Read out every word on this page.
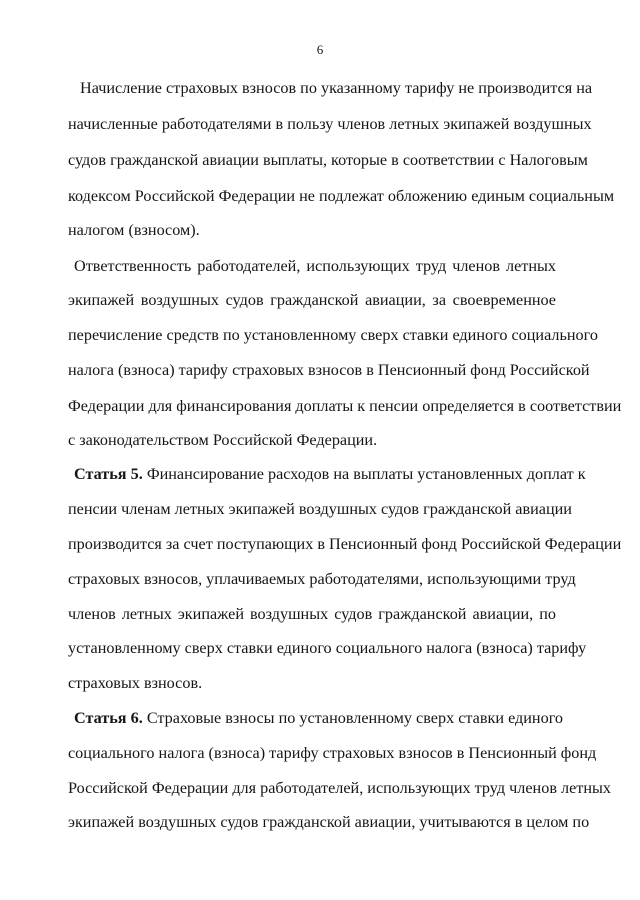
6
Начисление страховых взносов по указанному тарифу не производится на
начисленные работодателями в пользу членов летных экипажей воздушных
судов гражданской авиации выплаты, которые в соответствии с Налоговым
кодексом Российской Федерации не подлежат обложению единым социальным
налогом (взносом).
Ответственность работодателей, использующих труд членов летных
экипажей воздушных судов гражданской авиации, за своевременное
перечисление средств по установленному сверх ставки единого социального
налога (взноса) тарифу страховых взносов в Пенсионный фонд Российской
Федерации для финансирования доплаты к пенсии определяется в соответствии
с законодательством Российской Федерации.
Статья 5. Финансирование расходов на выплаты установленных доплат к
пенсии членам летных экипажей воздушных судов гражданской авиации
производится за счет поступающих в Пенсионный фонд Российской Федерации
страховых взносов, уплачиваемых работодателями, использующими труд
членов летных экипажей воздушных судов гражданской авиации, по
установленному сверх ставки единого социального налога (взноса) тарифу
страховых взносов.
Статья 6. Страховые взносы по установленному сверх ставки единого
социального налога (взноса) тарифу страховых взносов в Пенсионный фонд
Российской Федерации для работодателей, использующих труд членов летных
экипажей воздушных судов гражданской авиации, учитываются в целом по
